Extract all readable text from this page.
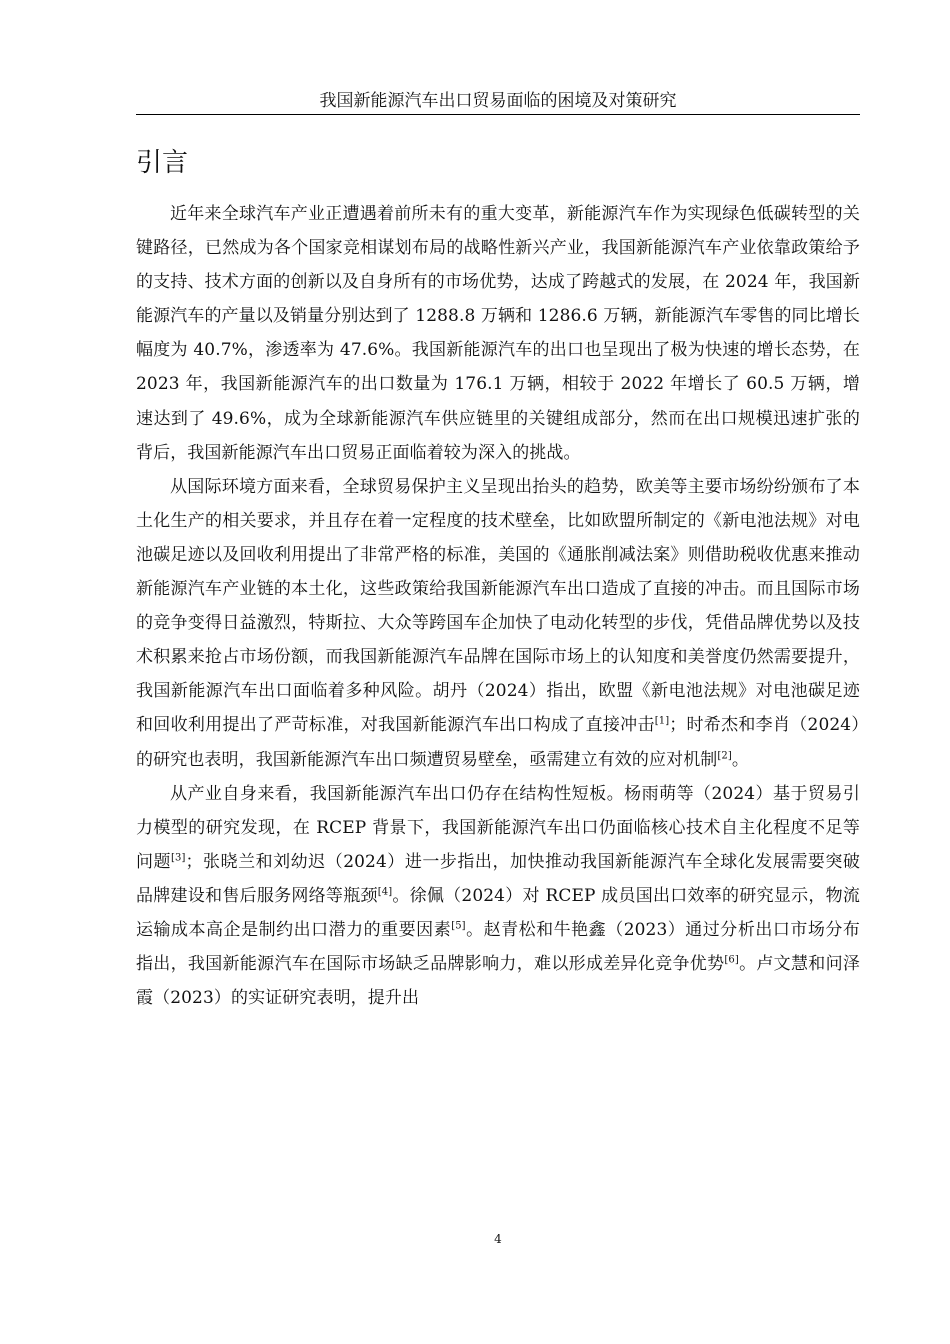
我国新能源汽车出口贸易面临的困境及对策研究
引言

近年来全球汽车产业正遭遇着前所未有的重大变革，新能源汽车作为实现绿色低碳转型的关键路径，已然成为各个国家竞相谋划布局的战略性新兴产业，我国新能源汽车产业依靠政策给予的支持、技术方面的创新以及自身所有的市场优势，达成了跨越式的发展，在 2024 年，我国新能源汽车的产量以及销量分别达到了 1288.8 万辆和 1286.6 万辆，新能源汽车零售的同比增长幅度为 40.7%，渗透率为 47.6%。我国新能源汽车的出口也呈现出了极为快速的增长态势，在 2023 年，我国新能源汽车的出口数量为 176.1 万辆，相较于 2022 年增长了 60.5 万辆，增速达到了 49.6%，成为全球新能源汽车供应链里的关键组成部分，然而在出口规模迅速扩张的背后，我国新能源汽车出口贸易正面临着较为深入的挑战。

从国际环境方面来看，全球贸易保护主义呈现出抬头的趋势，欧美等主要市场纷纷颁布了本土化生产的相关要求，并且存在着一定程度的技术壁垒，比如欧盟所制定的《新电池法规》对电池碳足迹以及回收利用提出了非常严格的标准，美国的《通胀削减法案》则借助税收优惠来推动新能源汽车产业链的本土化，这些政策给我国新能源汽车出口造成了直接的冲击。而且国际市场的竞争变得日益激烈，特斯拉、大众等跨国车企加快了电动化转型的步伐，凭借品牌优势以及技术积累来抢占市场份额，而我国新能源汽车品牌在国际市场上的认知度和美誉度仍然需要提升，我国新能源汽车出口面临着多种风险。胡丹（2024）指出，欧盟《新电池法规》对电池碳足迹和回收利用提出了严苛标准，对我国新能源汽车出口构成了直接冲击[1]；时希杰和李肖（2024）的研究也表明，我国新能源汽车出口频遭贸易壁垒，亟需建立有效的应对机制[2]。

从产业自身来看，我国新能源汽车出口仍存在结构性短板。杨雨萌等（2024）基于贸易引力模型的研究发现，在 RCEP 背景下，我国新能源汽车出口仍面临核心技术自主化程度不足等问题[3]；张晓兰和刘幼迟（2024）进一步指出，加快推动我国新能源汽车全球化发展需要突破品牌建设和售后服务网络等瓶颈[4]。徐佩（2024）对 RCEP 成员国出口效率的研究显示，物流运输成本高企是制约出口潜力的重要因素[5]。赵青松和牛艳鑫（2023）通过分析出口市场分布指出，我国新能源汽车在国际市场缺乏品牌影响力，难以形成差异化竞争优势[6]。卢文慧和问泽霞（2023）的实证研究表明，提升出

4
